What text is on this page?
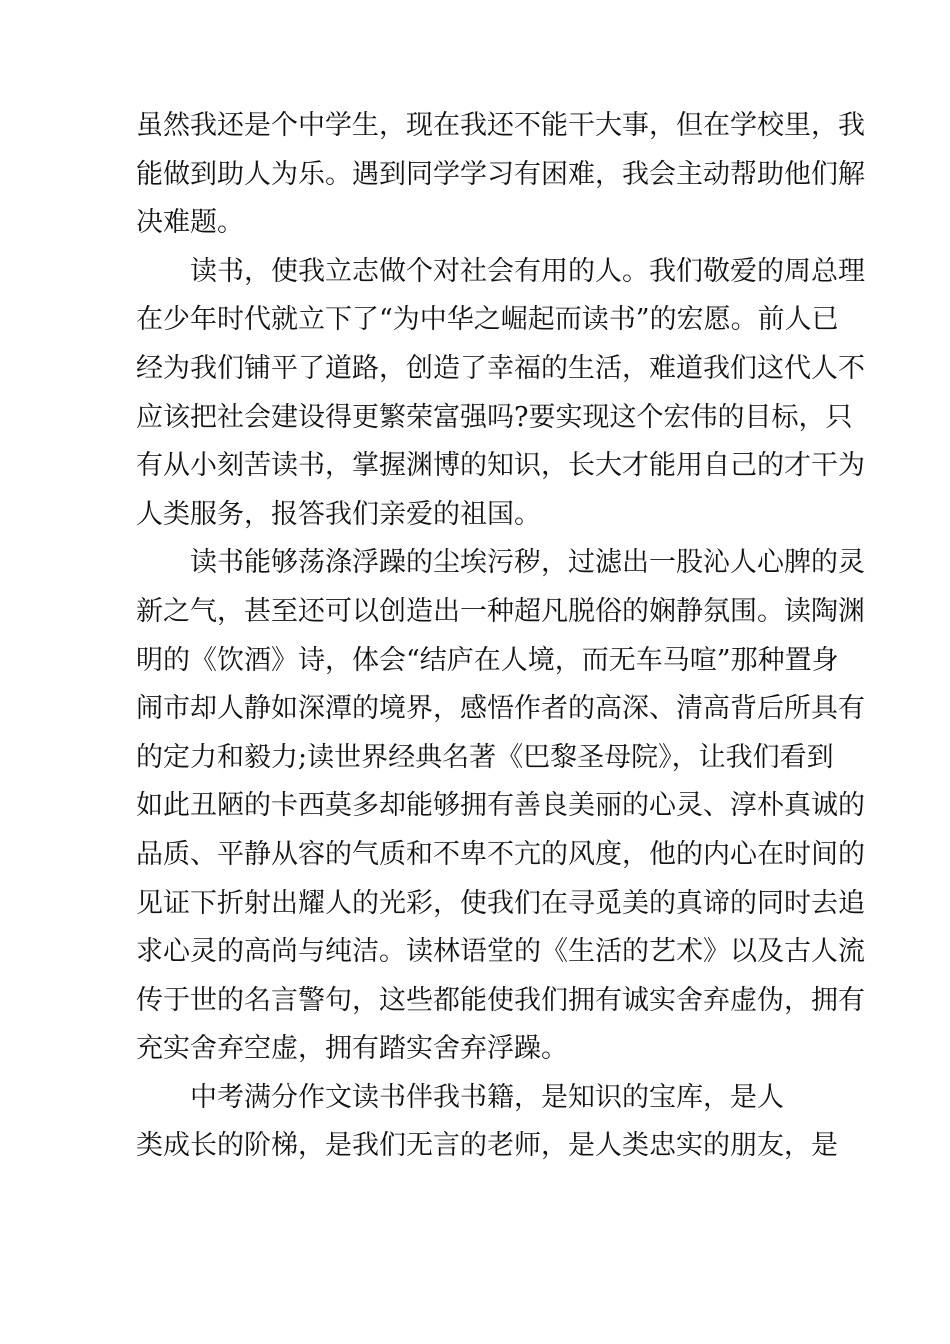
虽然我还是个中学生，现在我还不能干大事，但在学校里，我
能做到助人为乐。遇到同学学习有困难，我会主动帮助他们解
决难题。

读书，使我立志做个对社会有用的人。我们敬爱的周总理
在少年时代就立下了“为中华之崛起而读书”的宏愿。前人已
经为我们铺平了道路，创造了幸福的生活，难道我们这代人不
应该把社会建设得更繁荣富强吗?要实现这个宏伟的目标，只
有从小刻苦读书，掌握渊博的知识，长大才能用自己的才干为
人类服务，报答我们亲爱的祖国。

读书能够荡涤浮躁的尘埃污秽，过滤出一股沁人心脾的灵
新之气，甚至还可以创造出一种超凡脱俗的娴静氛围。读陶渊
明的《饮酒》诗，体会“结庐在人境，而无车马喧”那种置身
闹市却人静如深潭的境界，感悟作者的高深、清高背后所具有
的定力和毅力;读世界经典名著《巴黎圣母院》，让我们看到
如此丑陋的卡西莫多却能够拥有善良美丽的心灵、淳朴真诚的
品质、平静从容的气质和不卑不亢的风度，他的内心在时间的
见证下折射出耀人的光彩，使我们在寻觅美的真谛的同时去追
求心灵的高尚与纯洁。读林语堂的《生活的艺术》以及古人流
传于世的名言警句，这些都能使我们拥有诚实舍弃虚伪，拥有
充实舍弃空虚，拥有踏实舍弃浮躁。

中考满分作文读书伴我书籍，是知识的宝库，是人
类成长的阶梯，是我们无言的老师，是人类忠实的朋友，是
